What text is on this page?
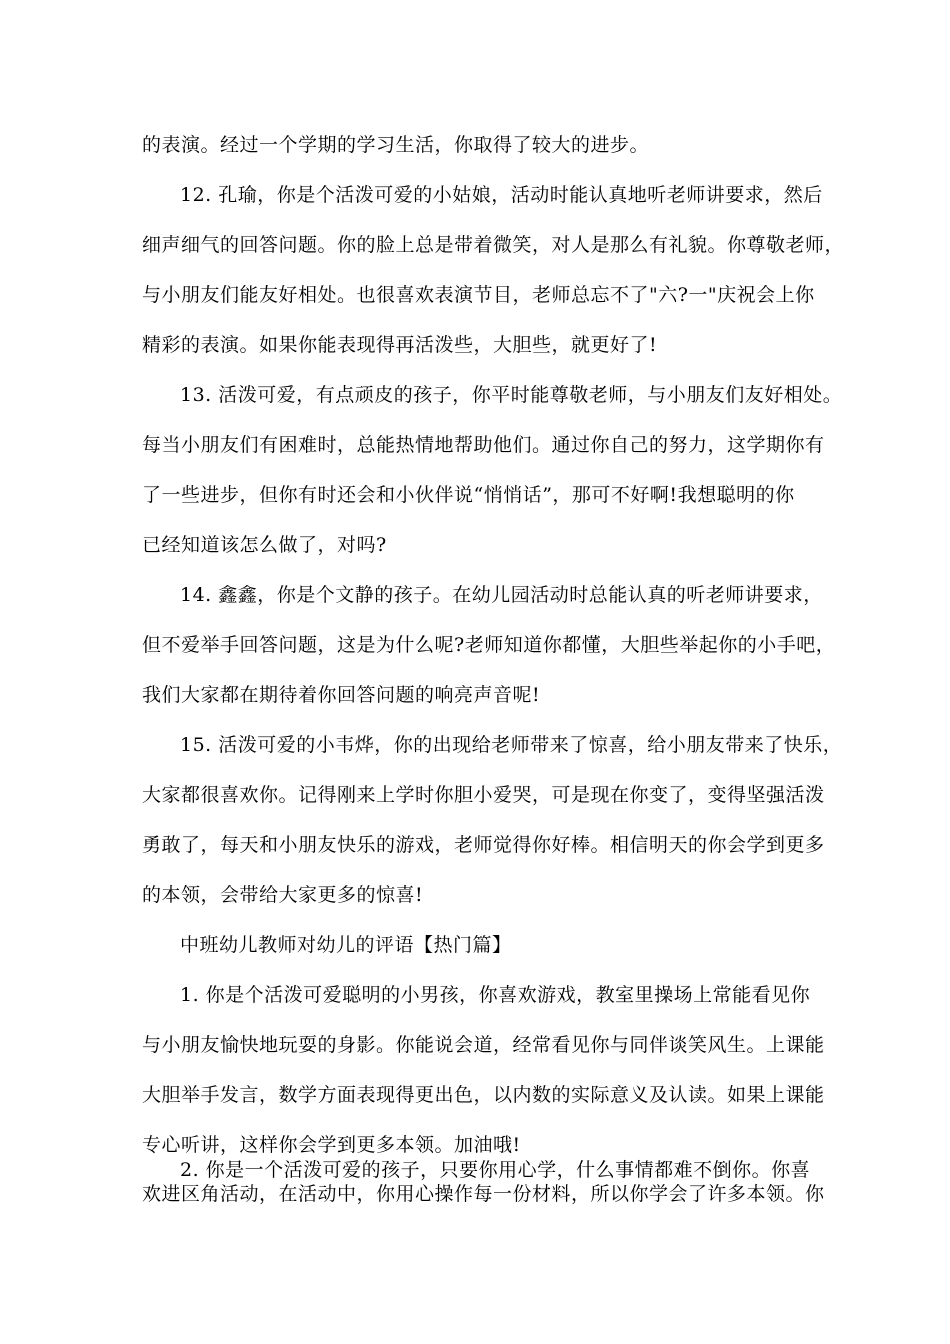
的表演。经过一个学期的学习生活，你取得了较大的进步。
12. 孔瑜，你是个活泼可爱的小姑娘，活动时能认真地听老师讲要求，然后
细声细气的回答问题。你的脸上总是带着微笑，对人是那么有礼貌。你尊敬老师，
与小朋友们能友好相处。也很喜欢表演节目，老师总忘不了"六?一"庆祝会上你
精彩的表演。如果你能表现得再活泼些，大胆些，就更好了!
13. 活泼可爱，有点顽皮的孩子，你平时能尊敬老师，与小朋友们友好相处。
每当小朋友们有困难时，总能热情地帮助他们。通过你自己的努力，这学期你有
了一些进步，但你有时还会和小伙伴说“悄悄话”，那可不好啊!我想聪明的你
已经知道该怎么做了，对吗?
14. 鑫鑫，你是个文静的孩子。在幼儿园活动时总能认真的听老师讲要求，
但不爱举手回答问题，这是为什么呢?老师知道你都懂，大胆些举起你的小手吧，
我们大家都在期待着你回答问题的响亮声音呢!
15. 活泼可爱的小韦烨，你的出现给老师带来了惊喜，给小朋友带来了快乐，
大家都很喜欢你。记得刚来上学时你胆小爱哭，可是现在你变了，变得坚强活泼
勇敢了，每天和小朋友快乐的游戏，老师觉得你好棒。相信明天的你会学到更多
的本领，会带给大家更多的惊喜!
中班幼儿教师对幼儿的评语【热门篇】
1. 你是个活泼可爱聪明的小男孩，你喜欢游戏，教室里操场上常能看见你
与小朋友愉快地玩耍的身影。你能说会道，经常看见你与同伴谈笑风生。上课能
大胆举手发言，数学方面表现得更出色，以内数的实际意义及认读。如果上课能
专心听讲，这样你会学到更多本领。加油哦!
2. 你是一个活泼可爱的孩子，只要你用心学，什么事情都难不倒你。你喜
欢进区角活动，在活动中，你用心操作每一份材料，所以你学会了许多本领。你
